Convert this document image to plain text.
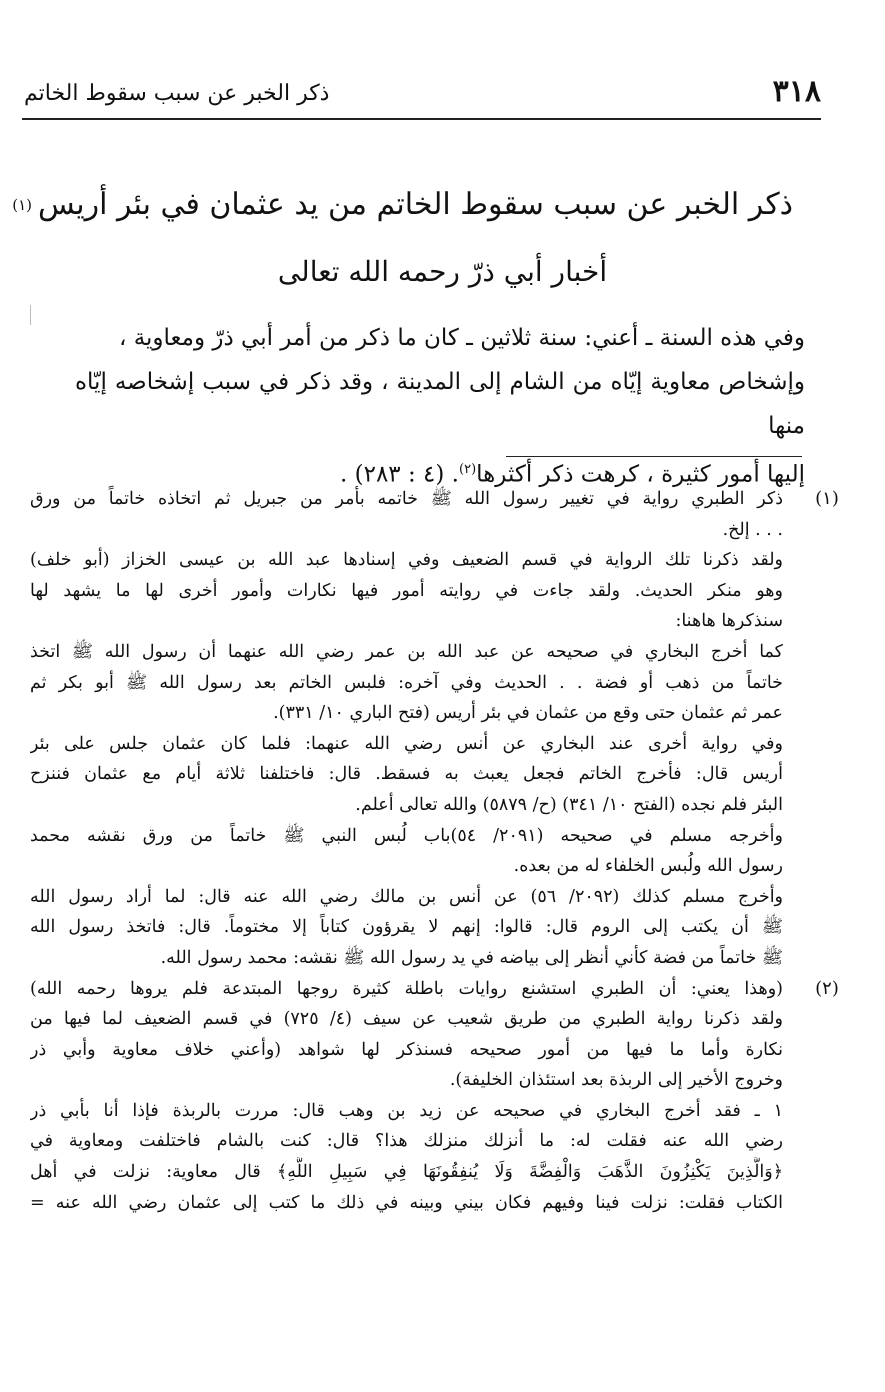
٣١٨
ذكر الخبر عن سبب سقوط الخاتم
ذكر الخبر عن سبب سقوط الخاتم من يد عثمان في بئر أريس$^{(١)}$
أخبار أبي ذرّ رحمه الله تعالى

وفي هذه السنة ـ أعني: سنة ثلاثين ـ كان ما ذكر من أمر أبي ذرّ ومعاوية ،

وإشخاص معاوية إيّاه من الشام إلى المدينة ، وقد ذكر في سبب إشخاصه إيّاه منها

إليها أمور كثيرة ، كرهت ذكر أكثرها$^{(٢)}$. (٤ : ٢٨٣) .

(١)
ذكر الطبري رواية في تغيير رسول الله ﷺ خاتمه بأمر من جبريل ثم اتخاذه خاتماً من ورق
. . . إلخ.
ولقد ذكرنا تلك الرواية في قسم الضعيف وفي إسنادها عبد الله بن عيسى الخزاز (أبو خلف)
وهو منكر الحديث. ولقد جاءت في روايته أمور فيها نكارات وأمور أخرى لها ما يشهد لها
سنذكرها هاهنا:
كما أخرج البخاري في صحيحه عن عبد الله بن عمر رضي الله عنهما أن رسول الله ﷺ اتخذ
خاتماً من ذهب أو فضة . . الحديث وفي آخره: فلبس الخاتم بعد رسول الله ﷺ أبو بكر ثم
عمر ثم عثمان حتى وقع من عثمان في بئر أريس (فتح الباري ١٠/ ٣٣١).
وفي رواية أخرى عند البخاري عن أنس رضي الله عنهما: فلما كان عثمان جلس على بئر
أريس قال: فأخرج الخاتم فجعل يعبث به فسقط. قال: فاختلفنا ثلاثة أيام مع عثمان فننزح
البئر فلم نجده (الفتح ١٠/ ٣٤١) (ح/ ٥٨٧٩) والله تعالى أعلم.
وأخرجه مسلم في صحيحه (٢٠٩١/ ٥٤)باب لُبس النبي ﷺ خاتماً من ورق نقشه محمد
رسول الله ولُبس الخلفاء له من بعده.
وأخرج مسلم كذلك (٢٠٩٢/ ٥٦) عن أنس بن مالك رضي الله عنه قال: لما أراد رسول الله
ﷺ أن يكتب إلى الروم قال: قالوا: إنهم لا يقرؤون كتاباً إلا مختوماً. قال: فاتخذ رسول الله
ﷺ خاتماً من فضة كأني أنظر إلى بياضه في يد رسول الله ﷺ نقشه: محمد رسول الله.
(٢)
(وهذا يعني: أن الطبري استشنع روايات باطلة كثيرة روجها المبتدعة فلم يروها رحمه الله)
ولقد ذكرنا رواية الطبري من طريق شعيب عن سيف (٤/ ٧٢٥) في قسم الضعيف لما فيها من
نكارة وأما ما فيها من أمور صحيحه فسنذكر لها شواهد (وأعني خلاف معاوية وأبي ذر
وخروج الأخير إلى الربذة بعد استئذان الخليفة).
١ ـ فقد أخرج البخاري في صحيحه عن زيد بن وهب قال: مررت بالربذة فإذا أنا بأبي ذر
رضي الله عنه فقلت له: ما أنزلك منزلك هذا؟ قال: كنت بالشام فاختلفت ومعاوية في
﴿وَالَّذِينَ يَكْنِزُونَ الذَّهَبَ وَالْفِضَّةَ وَلَا يُنفِقُونَهَا فِي سَبِيلِ اللَّهِ﴾ قال معاوية: نزلت في أهل
الكتاب فقلت: نزلت فينا وفيهم فكان بيني وبينه في ذلك ما كتب إلى عثمان رضي الله عنه =
